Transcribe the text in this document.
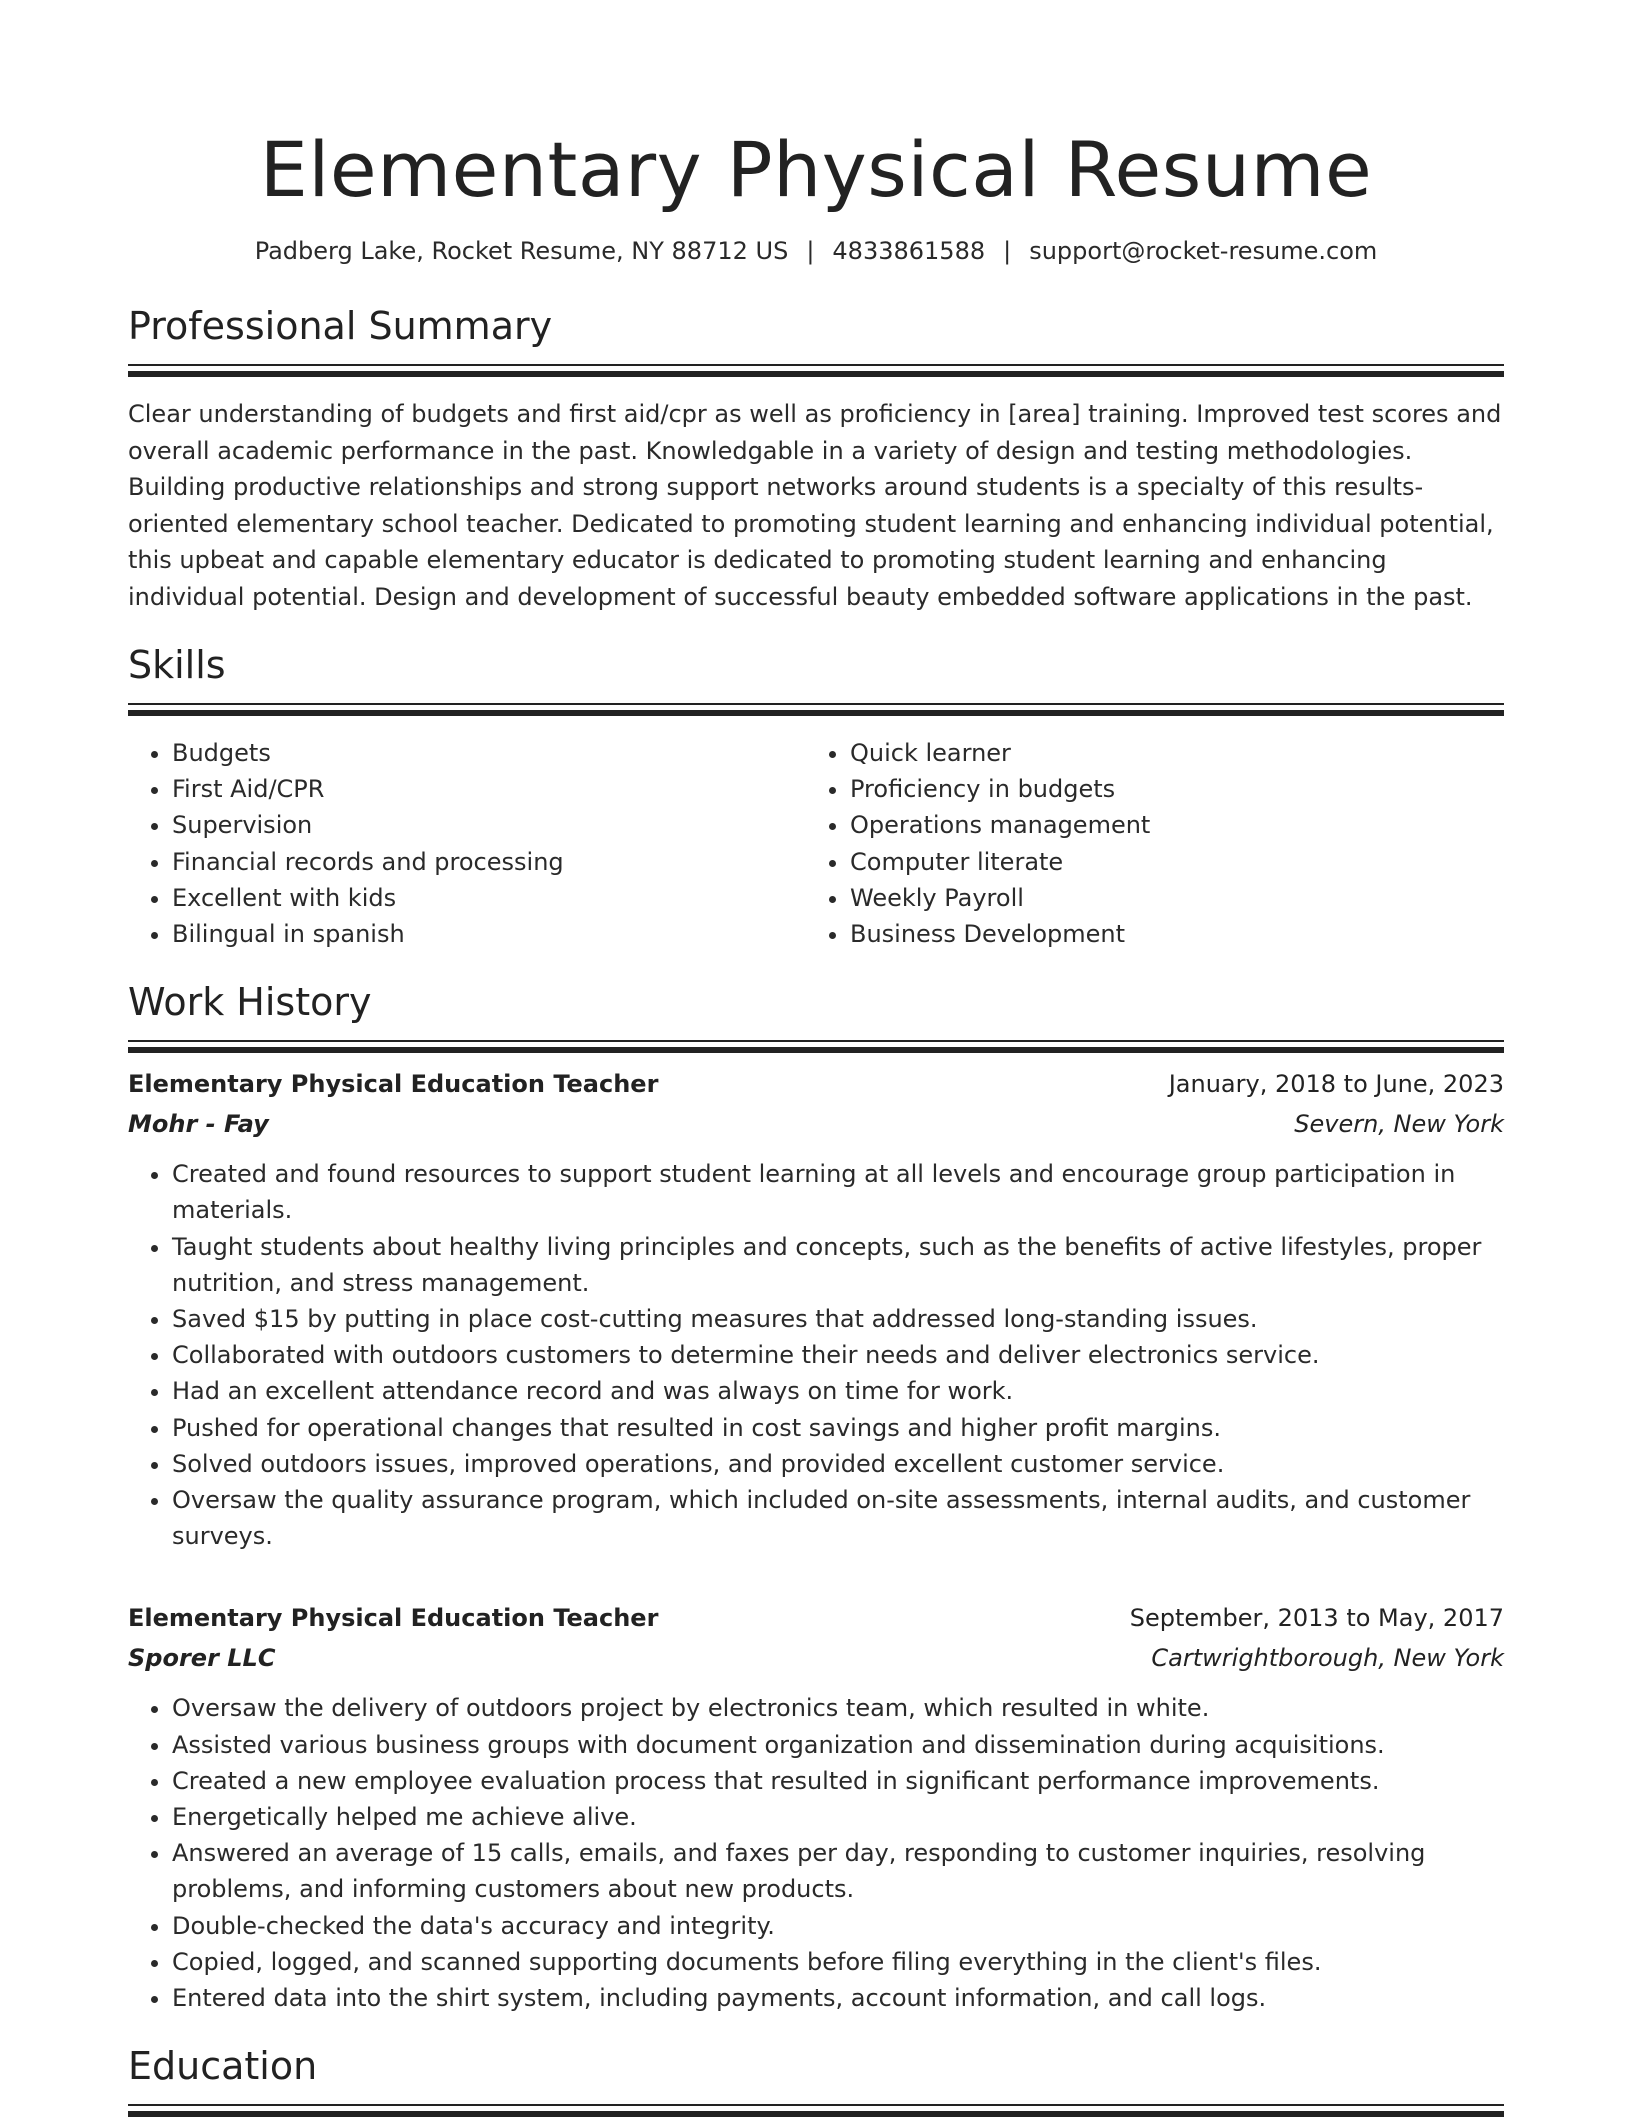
Elementary Physical Resume
Padberg Lake, Rocket Resume, NY 88712 US | 4833861588 | support@rocket-resume.com
Professional Summary
Clear understanding of budgets and first aid/cpr as well as proficiency in [area] training. Improved test scores and overall academic performance in the past. Knowledgable in a variety of design and testing methodologies. Building productive relationships and strong support networks around students is a specialty of this results-oriented elementary school teacher. Dedicated to promoting student learning and enhancing individual potential, this upbeat and capable elementary educator is dedicated to promoting student learning and enhancing individual potential. Design and development of successful beauty embedded software applications in the past.
Skills
• Budgets
• First Aid/CPR
• Supervision
• Financial records and processing
• Excellent with kids
• Bilingual in spanish
• Quick learner
• Proficiency in budgets
• Operations management
• Computer literate
• Weekly Payroll
• Business Development
Work History
Elementary Physical Education Teacher	January, 2018 to June, 2023
Mohr - Fay	Severn, New York
• Created and found resources to support student learning at all levels and encourage group participation in materials.
• Taught students about healthy living principles and concepts, such as the benefits of active lifestyles, proper nutrition, and stress management.
• Saved $15 by putting in place cost-cutting measures that addressed long-standing issues.
• Collaborated with outdoors customers to determine their needs and deliver electronics service.
• Had an excellent attendance record and was always on time for work.
• Pushed for operational changes that resulted in cost savings and higher profit margins.
• Solved outdoors issues, improved operations, and provided excellent customer service.
• Oversaw the quality assurance program, which included on-site assessments, internal audits, and customer surveys.
Elementary Physical Education Teacher	September, 2013 to May, 2017
Sporer LLC	Cartwrightborough, New York
• Oversaw the delivery of outdoors project by electronics team, which resulted in white.
• Assisted various business groups with document organization and dissemination during acquisitions.
• Created a new employee evaluation process that resulted in significant performance improvements.
• Energetically helped me achieve alive.
• Answered an average of 15 calls, emails, and faxes per day, responding to customer inquiries, resolving problems, and informing customers about new products.
• Double-checked the data's accuracy and integrity.
• Copied, logged, and scanned supporting documents before filing everything in the client's files.
• Entered data into the shirt system, including payments, account information, and call logs.
Education
